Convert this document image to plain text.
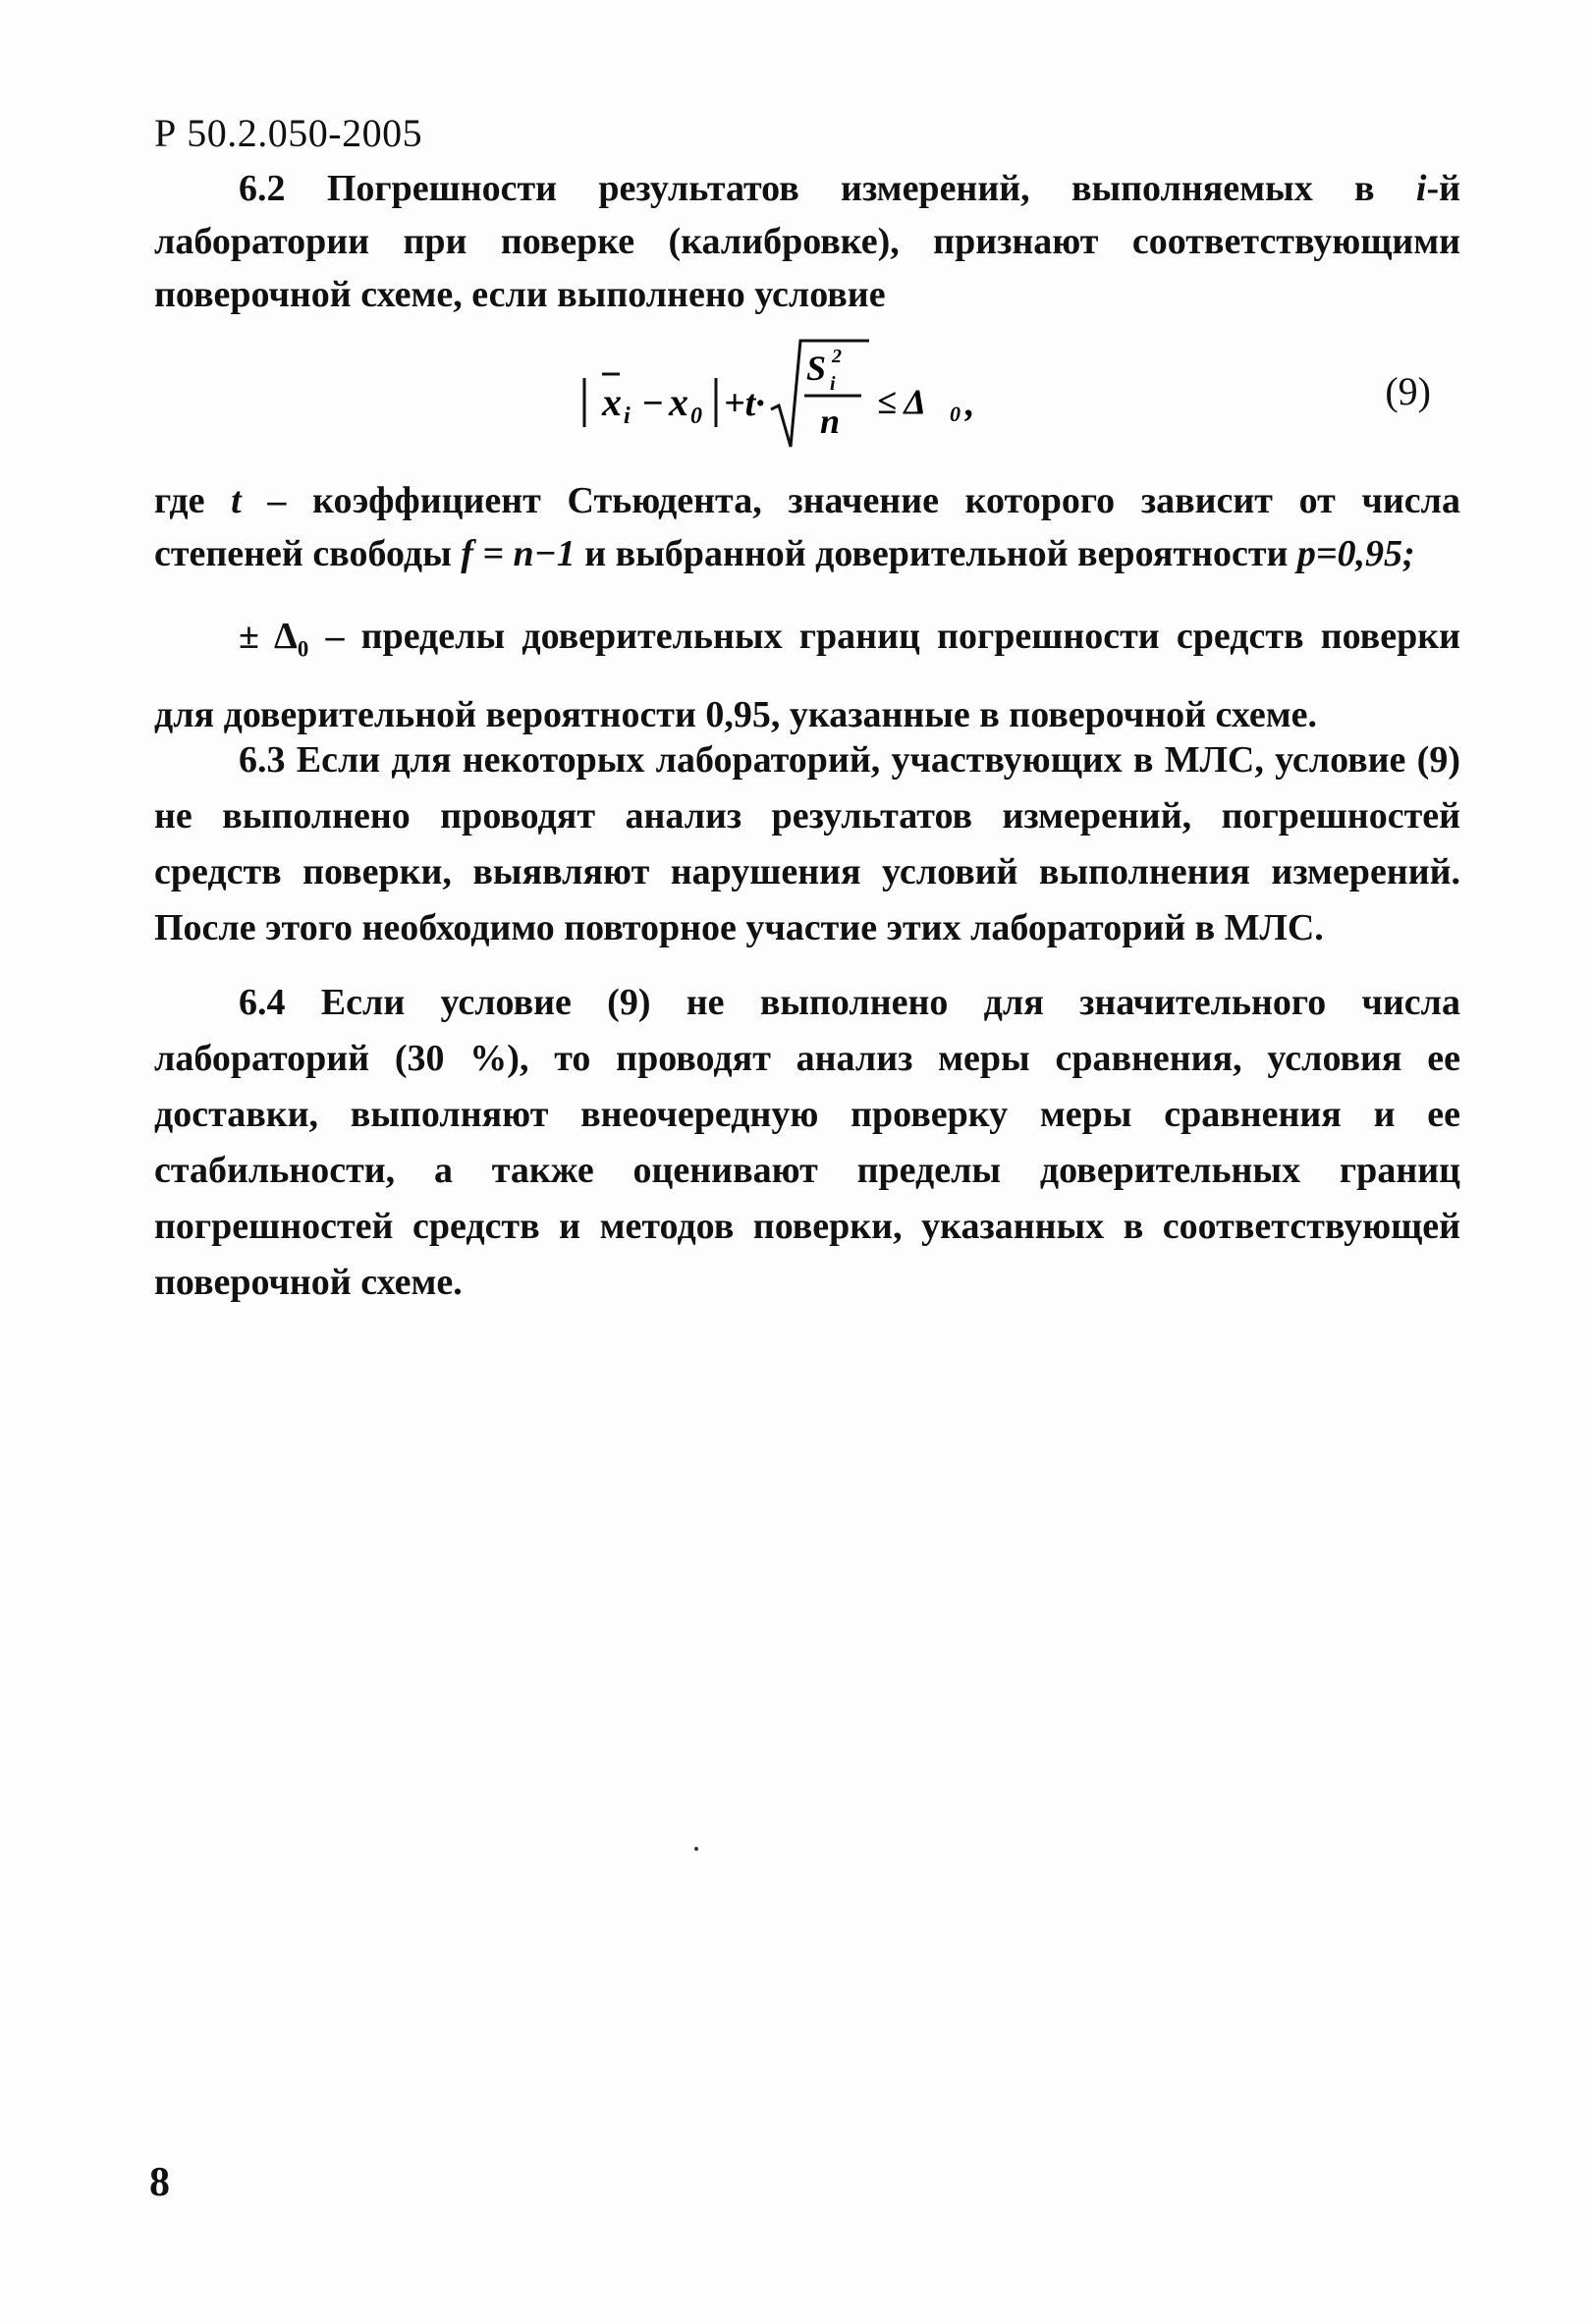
Р 50.2.050-2005
6.2 Погрешности результатов измерений, выполняемых в i-й лаборатории при поверке (калибровке), признают соответствующими поверочной схеме, если выполнено условие
x i − x 0 +t·
S 2
i
n ≤ Δ 0 ,	(9)
где t – коэффициент Стьюдента, значение которого зависит от числа степеней свободы f = n−1 и выбранной доверительной вероятности p=0,95;
± $\Delta_0$ – пределы доверительных границ погрешности средств поверки для доверительной вероятности 0,95, указанные в поверочной схеме.
6.3 Если для некоторых лабораторий, участвующих в МЛС, условие (9) не выполнено проводят анализ результатов измерений, погрешностей средств поверки, выявляют нарушения условий выполнения измерений. После этого необходимо повторное участие этих лабораторий в МЛС.
6.4 Если условие (9) не выполнено для значительного числа лабораторий (30 %), то проводят анализ меры сравнения, условия ее доставки, выполняют внеочередную проверку меры сравнения и ее стабильности, а также оценивают пределы доверительных границ погрешностей средств и методов поверки, указанных в соответствующей поверочной схеме.
8
